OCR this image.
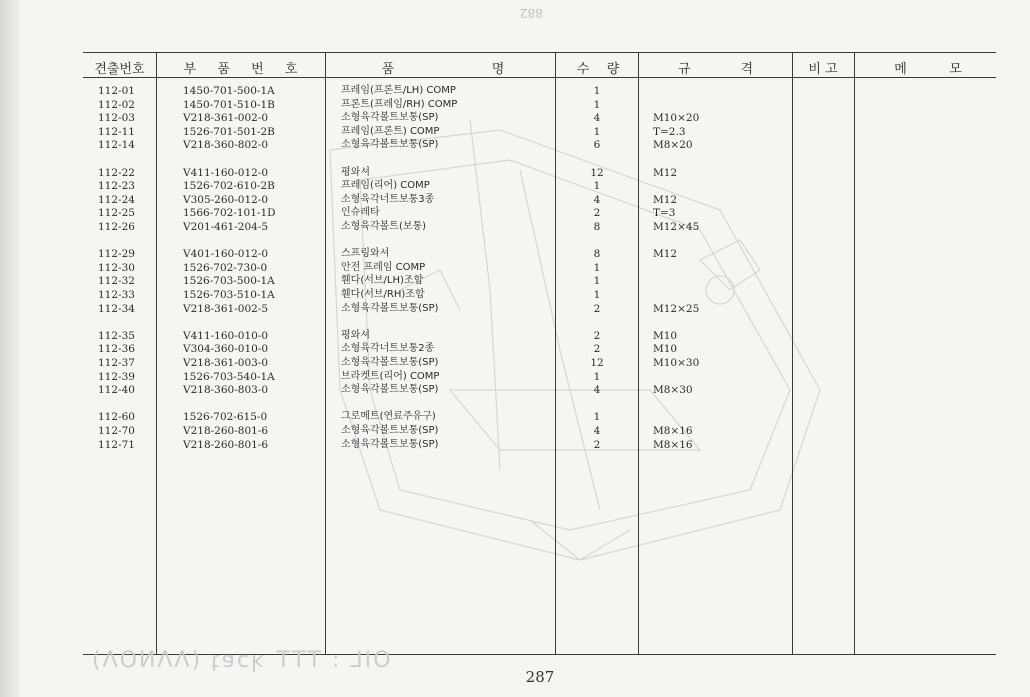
882
견출번호	부 품 번 호	품	명	수 량	규	격	비 고	메	모
112-01	1450-701-500-1A	프레임(프론트/LH) COMP	1
112-02	1450-701-510-1B	프론트(프레임/RH) COMP	1
112-03	V218-361-002-0	소형육각볼트보통(SP)	4	M10×20
112-11	1526-701-501-2B	프레임(프론트) COMP	1	T=2.3
112-14	V218-360-802-0	소형육각볼트보통(SP)	6	M8×20
112-22	V411-160-012-0	평와셔	12	M12
112-23	1526-702-610-2B	프레임(리어) COMP	1
112-24	V305-260-012-0	소형육각너트보통3종	4	M12
112-25	1566-702-101-1D	인슈레타	2	T=3
112-26	V201-461-204-5	소형육각볼트(보통)	8	M12×45
112-29	V401-160-012-0	스프링와셔	8	M12
112-30	1526-702-730-0	안전 프레임 COMP	1
112-32	1526-703-500-1A	휀다(서브/LH)조합	1
112-33	1526-703-510-1A	휀다(서브/RH)조합	1
112-34	V218-361-002-5	소형육각볼트보통(SP)	2	M12×25
112-35	V411-160-010-0	평와셔	2	M10
112-36	V304-360-010-0	소형육각너트보통2종	2	M10
112-37	V218-361-003-0	소형육각볼트보통(SP)	12	M10×30
112-39	1526-703-540-1A	브라켓트(리어) COMP	1
112-40	V218-360-803-0	소형육각볼트보통(SP)	4	M8×30
112-60	1526-702-615-0	그로메트(연료주유구)	1
112-70	V218-260-801-6	소형육각볼트보통(SP)	4	M8×16
112-71	V218-260-801-6	소형육각볼트보통(SP)	2	M8×16
ОІL : ТТТ ʞɔɐʇ (ΛΛΝΟΛ)
287
